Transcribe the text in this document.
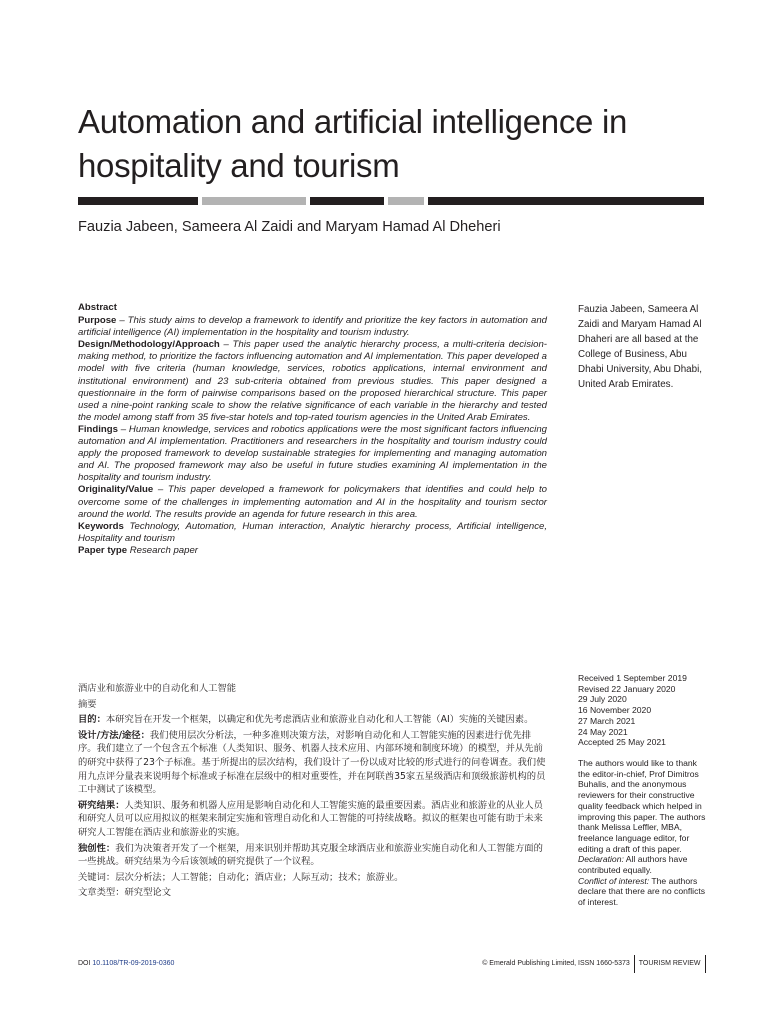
Automation and artificial intelligence in hospitality and tourism
Fauzia Jabeen, Sameera Al Zaidi and Maryam Hamad Al Dheheri
Abstract

Purpose – This study aims to develop a framework to identify and prioritize the key factors in automation and artificial intelligence (AI) implementation in the hospitality and tourism industry.

Design/Methodology/Approach – This paper used the analytic hierarchy process, a multi-criteria decision-making method, to prioritize the factors influencing automation and AI implementation. This paper developed a model with five criteria (human knowledge, services, robotics applications, internal environment and institutional environment) and 23 sub-criteria obtained from previous studies. This paper designed a questionnaire in the form of pairwise comparisons based on the proposed hierarchical structure. This paper used a nine-point ranking scale to show the relative significance of each variable in the hierarchy and tested the model among staff from 35 five-star hotels and top-rated tourism agencies in the United Arab Emirates.

Findings – Human knowledge, services and robotics applications were the most significant factors influencing automation and AI implementation. Practitioners and researchers in the hospitality and tourism industry could apply the proposed framework to develop sustainable strategies for implementing and managing automation and AI. The proposed framework may also be useful in future studies examining AI implementation in the hospitality and tourism industry.

Originality/Value – This paper developed a framework for policymakers that identifies and could help to overcome some of the challenges in implementing automation and AI in the hospitality and tourism sector around the world. The results provide an agenda for future research in this area.

Keywords Technology, Automation, Human interaction, Analytic hierarchy process, Artificial intelligence, Hospitality and tourism

Paper type Research paper

Fauzia Jabeen, Sameera Al Zaidi and Maryam Hamad Al Dhaheri are all based at the College of Business, Abu Dhabi University, Abu Dhabi, United Arab Emirates.

酒店业和旅游业中的自动化和人工智能

摘要

目的：本研究旨在开发一个框架，以确定和优先考虑酒店业和旅游业自动化和人工智能（AI）实施的关键因素。

设计/方法/途径：我们使用层次分析法，一种多准则决策方法，对影响自动化和人工智能实施的因素进行优先排序。我们建立了一个包含五个标准（人类知识、服务、机器人技术应用、内部环境和制度环境）的模型，并从先前的研究中获得了23个子标准。基于所提出的层次结构，我们设计了一份以成对比较的形式进行的问卷调查。我们使用九点评分量表来说明每个标准或子标准在层级中的相对重要性，并在阿联酋35家五星级酒店和顶级旅游机构的员工中测试了该模型。

研究结果：人类知识、服务和机器人应用是影响自动化和人工智能实施的最重要因素。酒店业和旅游业的从业人员和研究人员可以应用拟议的框架来制定实施和管理自动化和人工智能的可持续战略。拟议的框架也可能有助于未来研究人工智能在酒店业和旅游业的实施。

独创性：我们为决策者开发了一个框架，用来识别并帮助其克服全球酒店业和旅游业实施自动化和人工智能方面的一些挑战。研究结果为今后该领域的研究提供了一个议程。

关键词：层次分析法；人工智能；自动化；酒店业；人际互动；技术；旅游业。

文章类型：研究型论文

Received 1 September 2019
Revised 22 January 2020
29 July 2020
16 November 2020
27 March 2021
24 May 2021
Accepted 25 May 2021

The authors would like to thank the editor-in-chief, Prof Dimitros Buhalis, and the anonymous reviewers for their constructive quality feedback which helped in improving this paper. The authors thank Melissa Leffler, MBA, freelance language editor, for editing a draft of this paper.

Declaration: All authors have contributed equally.

Conflict of interest: The authors declare that there are no conflicts of interest.

DOI 10.1108/TR-09-2019-0360	© Emerald Publishing Limited, ISSN 1660-5373 TOURISM REVIEW
